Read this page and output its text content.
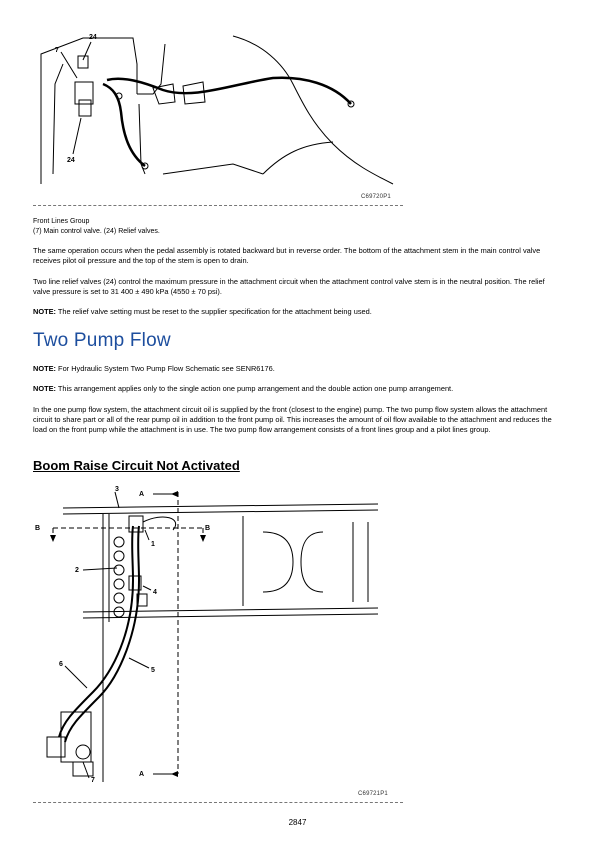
24
7
24
C69720P1
Front Lines Group
(7) Main control valve. (24) Relief valves.
The same operation occurs when the pedal assembly is rotated backward but in reverse order. The bottom of the attachment stem in the main control valve receives pilot oil pressure and the top of the stem is open to drain.
Two line relief valves (24) control the maximum pressure in the attachment circuit when the attachment control valve stem is in the neutral position. The relief valve pressure is set to 31 400 ± 490 kPa (4550 ± 70 psi).
NOTE: The relief valve setting must be reset to the supplier specification for the attachment being used.
Two Pump Flow
NOTE: For Hydraulic System Two Pump Flow Schematic see SENR6176.
NOTE: This arrangement applies only to the single action one pump arrangement and the double action one pump arrangement.
In the one pump flow system, the attachment circuit oil is supplied by the front (closest to the engine) pump. The two pump flow system allows the attachment circuit to share part or all of the rear pump oil in addition to the front pump oil. This increases the amount of oil flow available to the attachment and reduces the load on the front pump while the attachment is in use. The two pump flow arrangement consists of a front lines group and a pilot lines group.
Boom Raise Circuit Not Activated
3
A
B	B
1
2
4
6
5
7
A
C69721P1
2847
